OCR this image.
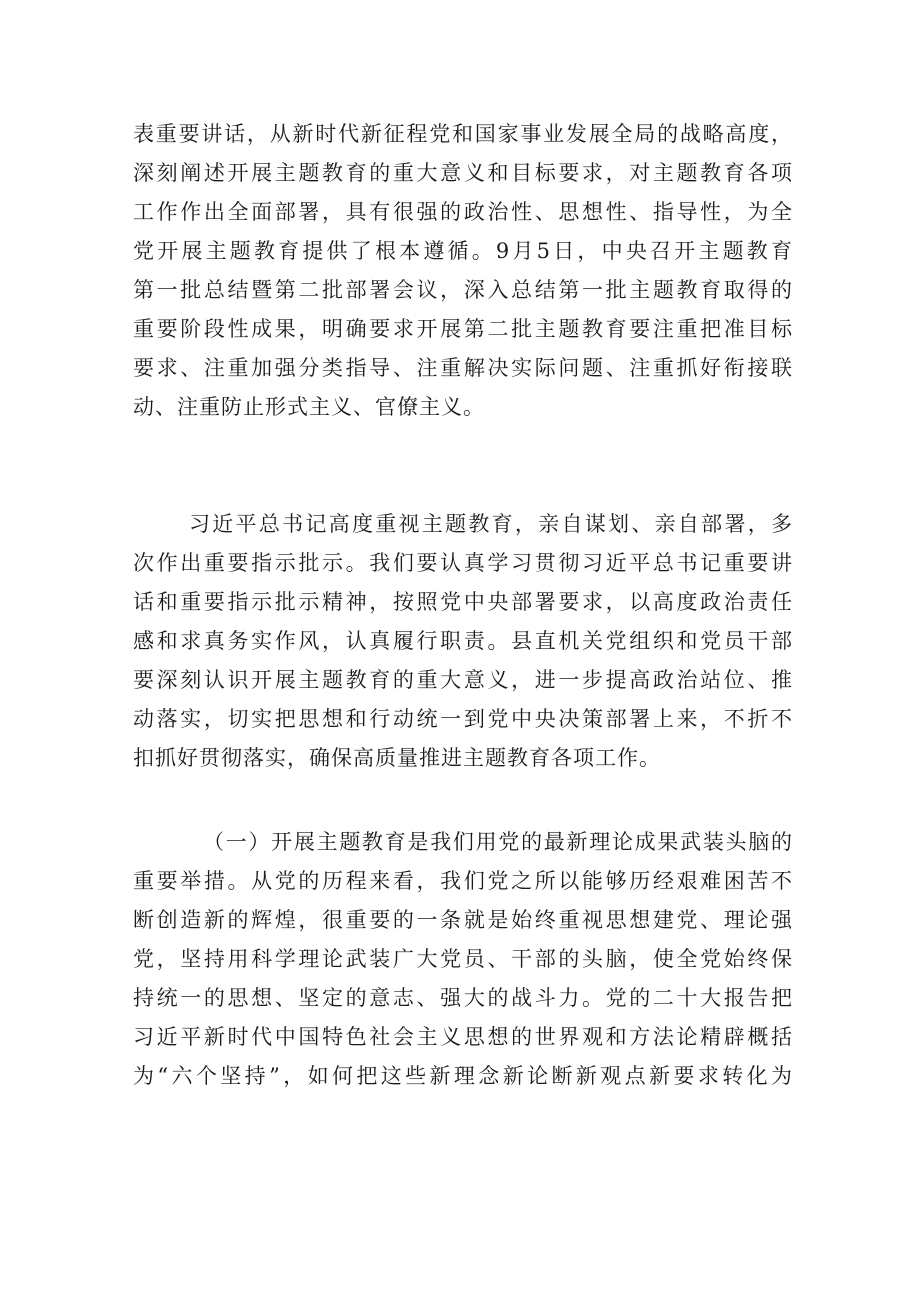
表重要讲话，从新时代新征程党和国家事业发展全局的战略高度，
深刻阐述开展主题教育的重大意义和目标要求，对主题教育各项
工作作出全面部署，具有很强的政治性、思想性、指导性，为全
党开展主题教育提供了根本遵循。9月5日，中央召开主题教育
第一批总结暨第二批部署会议，深入总结第一批主题教育取得的
重要阶段性成果，明确要求开展第二批主题教育要注重把准目标
要求、注重加强分类指导、注重解决实际问题、注重抓好衔接联
动、注重防止形式主义、官僚主义。
习近平总书记高度重视主题教育，亲自谋划、亲自部署，多
次作出重要指示批示。我们要认真学习贯彻习近平总书记重要讲
话和重要指示批示精神，按照党中央部署要求，以高度政治责任
感和求真务实作风，认真履行职责。县直机关党组织和党员干部
要深刻认识开展主题教育的重大意义，进一步提高政治站位、推
动落实，切实把思想和行动统一到党中央决策部署上来，不折不
扣抓好贯彻落实，确保高质量推进主题教育各项工作。
（一）开展主题教育是我们用党的最新理论成果武装头脑的
重要举措。从党的历程来看，我们党之所以能够历经艰难困苦不
断创造新的辉煌，很重要的一条就是始终重视思想建党、理论强
党，坚持用科学理论武装广大党员、干部的头脑，使全党始终保
持统一的思想、坚定的意志、强大的战斗力。党的二十大报告把
习近平新时代中国特色社会主义思想的世界观和方法论精辟概括
为“六个坚持”，如何把这些新理念新论断新观点新要求转化为
